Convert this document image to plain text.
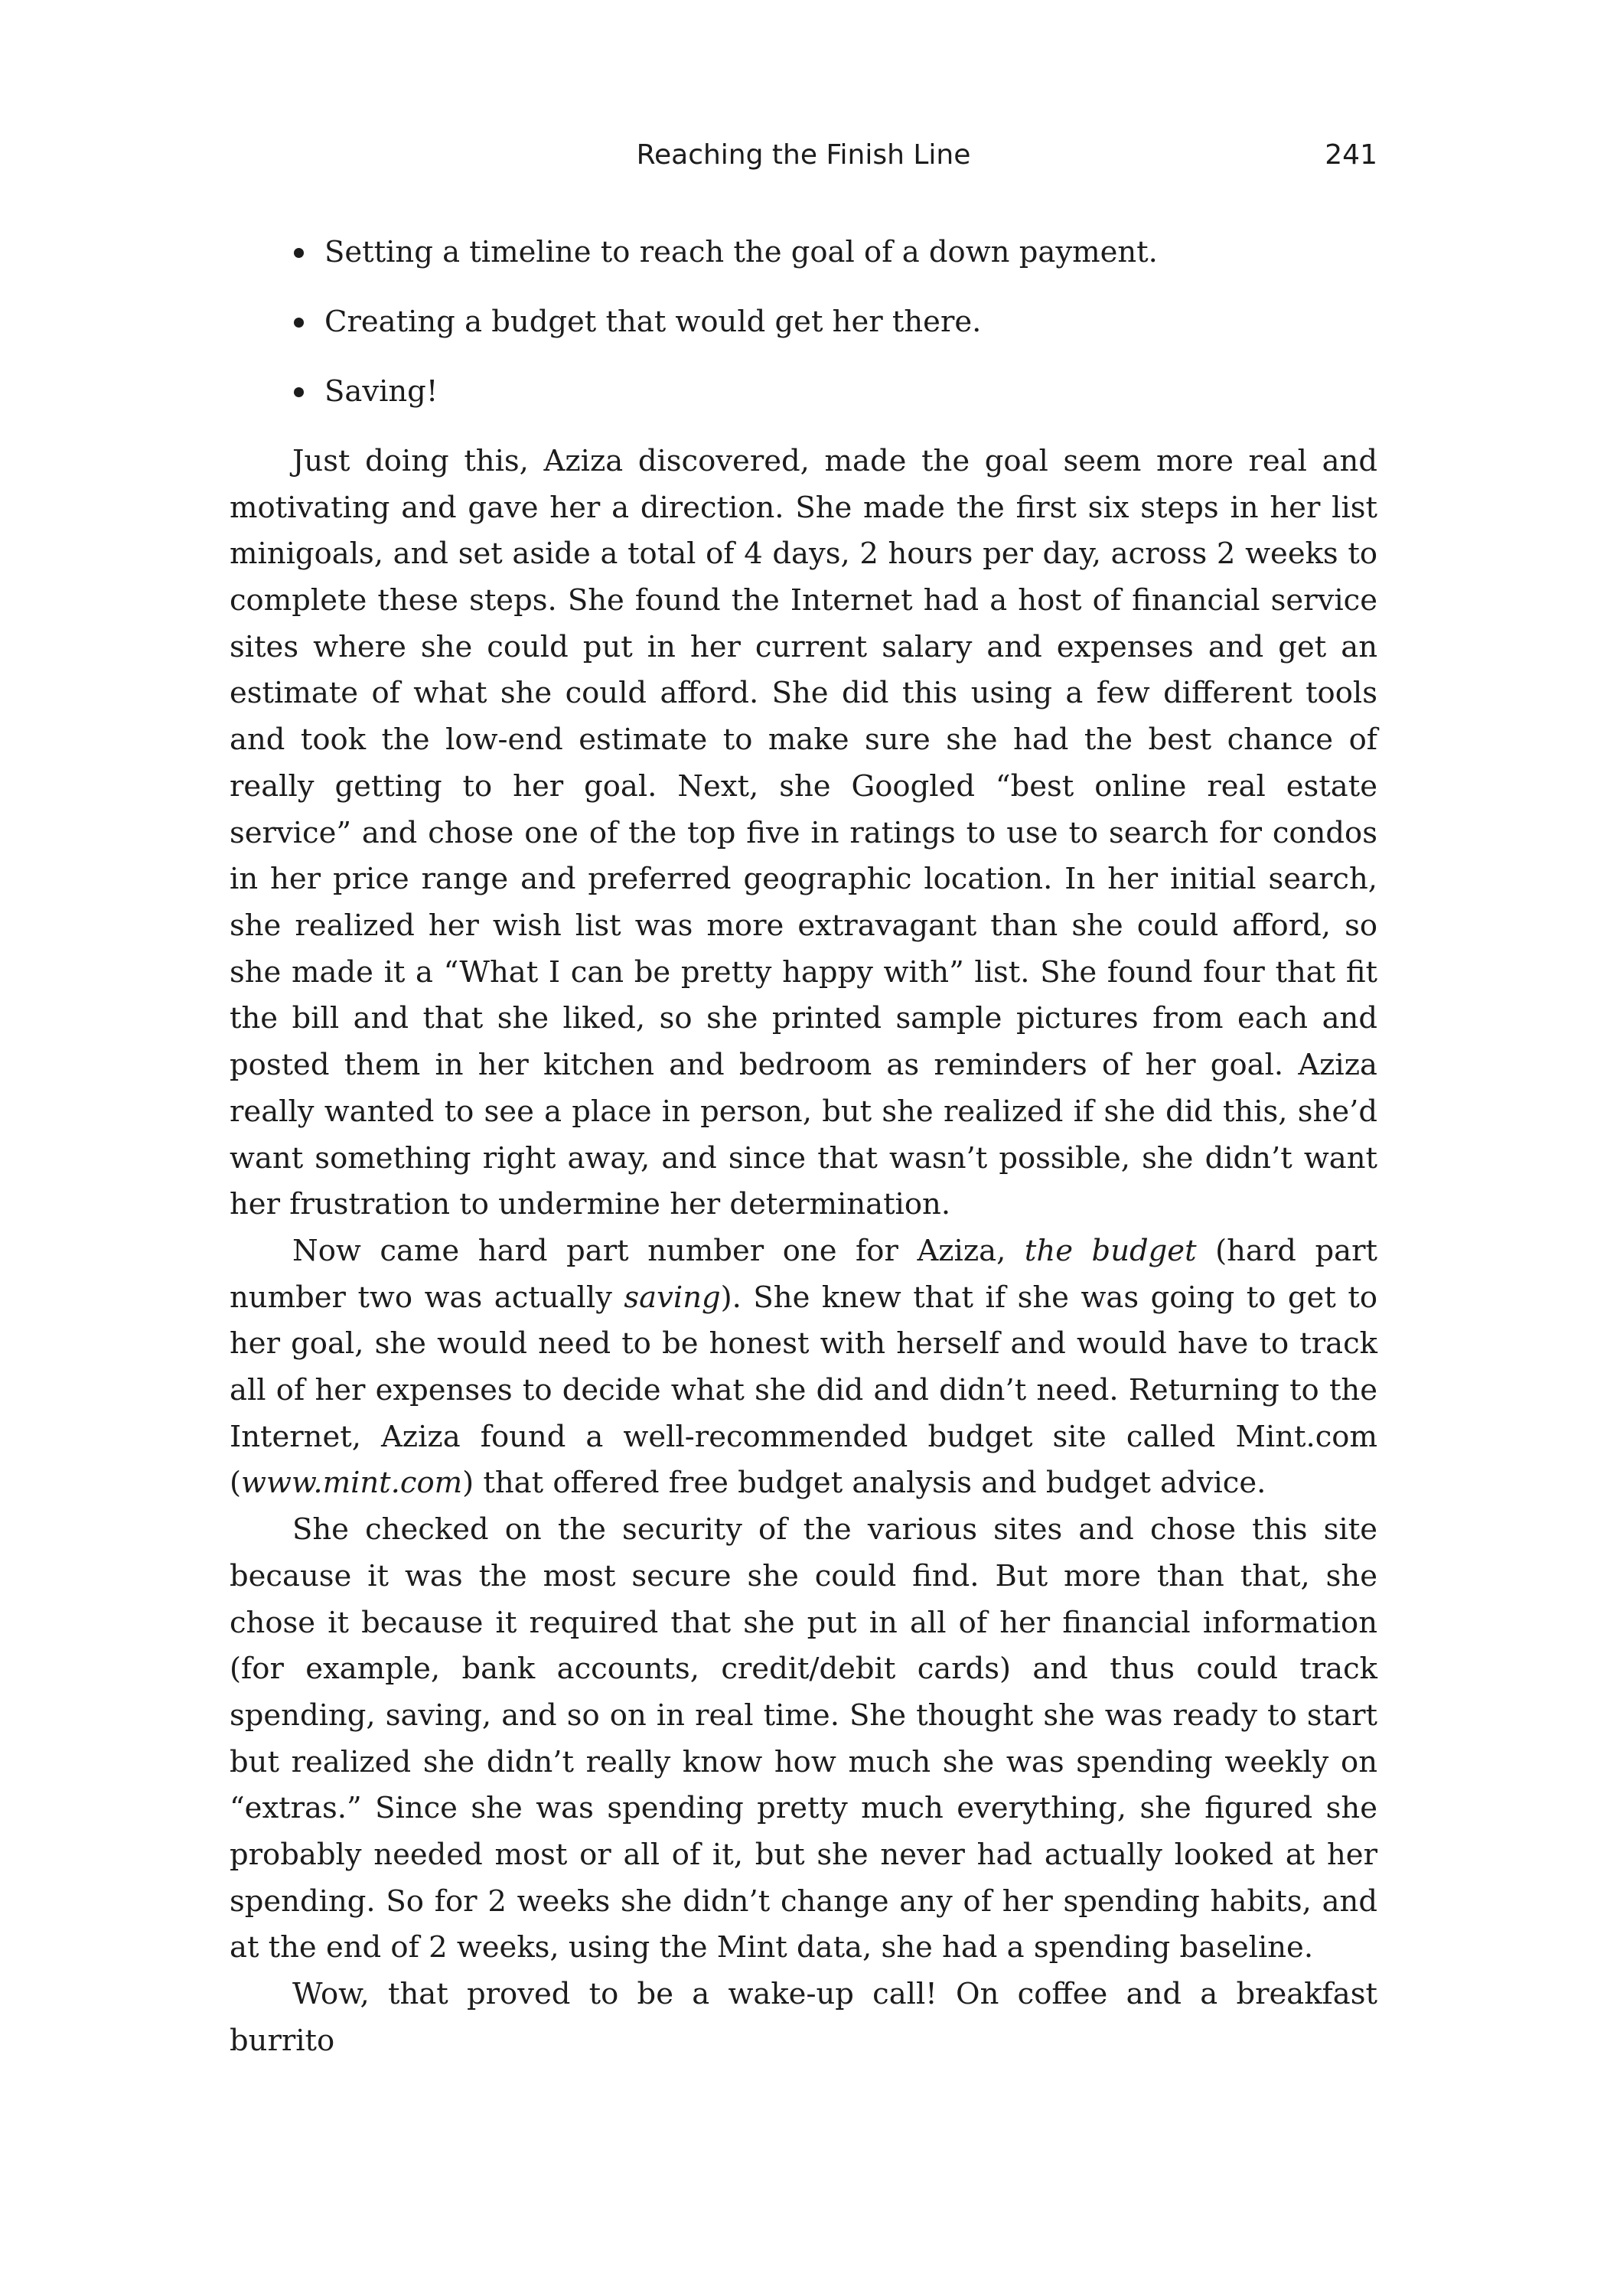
Reaching the Finish Line	241
Setting a timeline to reach the goal of a down payment.
Creating a budget that would get her there.
Saving!

Just doing this, Aziza discovered, made the goal seem more real and motivating and gave her a direction. She made the first six steps in her list minigoals, and set aside a total of 4 days, 2 hours per day, across 2 weeks to complete these steps. She found the Internet had a host of financial service sites where she could put in her current salary and expenses and get an estimate of what she could afford. She did this using a few different tools and took the low-end estimate to make sure she had the best chance of really getting to her goal. Next, she Googled “best online real estate service” and chose one of the top five in ratings to use to search for condos in her price range and preferred geographic location. In her initial search, she realized her wish list was more extravagant than she could afford, so she made it a “What I can be pretty happy with” list. She found four that fit the bill and that she liked, so she printed sample pictures from each and posted them in her kitchen and bedroom as reminders of her goal. Aziza really wanted to see a place in person, but she realized if she did this, she’d want something right away, and since that wasn’t possible, she didn’t want her frustration to undermine her determination.

Now came hard part number one for Aziza, the budget (hard part number two was actually saving). She knew that if she was going to get to her goal, she would need to be honest with herself and would have to track all of her expenses to decide what she did and didn’t need. Returning to the Internet, Aziza found a well-recommended budget site called Mint.com (www.mint.com) that offered free budget analysis and budget advice.

She checked on the security of the various sites and chose this site because it was the most secure she could find. But more than that, she chose it because it required that she put in all of her financial information (for example, bank accounts, credit/debit cards) and thus could track spending, saving, and so on in real time. She thought she was ready to start but realized she didn’t really know how much she was spending weekly on “extras.” Since she was spending pretty much everything, she figured she probably needed most or all of it, but she never had actually looked at her spending. So for 2 weeks she didn’t change any of her spending habits, and at the end of 2 weeks, using the Mint data, she had a spending baseline.

Wow, that proved to be a wake-up call! On coffee and a breakfast burrito
